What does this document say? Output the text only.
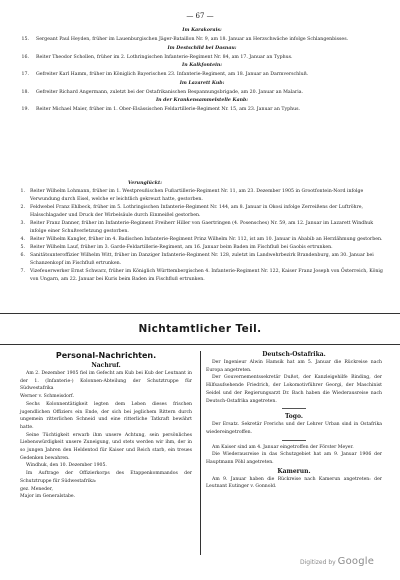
— 67 —
Im Karakorais:
15. Sergeant Paul Heyden, früher im Lauenburgischen Jäger-Bataillon Nr. 9, am 18. Januar an Herzschwäche infolge Schlangenbisses.
Im Destschild bei Dasnau:
16. Reiter Theodor Schollen, früher im 2. Lothringischen Infanterie-Regiment Nr. 84, am 17. Januar an Typhus.
In Kalkfontein:
17. Gefreiter Karl Hamm, früher im Königlich Bayerischen 23. Infanterie-Regiment, am 18. Januar an Darmverschluß.
Im Lazarett Kub:
18. Gefreiter Richard Angermann, zuletzt bei der Ostafrikanischen Bespannungsbrigade, am 20. Januar an Malaria.
In der Krankensammelstelle Kanb:
19. Reiter Michael Maier, früher im 1. Ober-Elsässischen Feldartillerie-Regiment Nr. 15, am 23. Januar an Typhus.
Verunglückt:
1. Reiter Wilhelm Lohmann, früher im 1. Westpreußischen Fußartillerie-Regiment Nr. 11, am 23. Dezember 1905 in Grootfontein-Nord infolge Verwundung durch Eisel, welche er leichtlich gekreuzt hatte, gestorben.
2. Feldwebel Franz Ehlbeck, früher im 5. Lothringischen Infanterie-Regiment Nr. 144, am 8. Januar in Okosi infolge Zerreißens der Luftröhre, Halsschlagader und Druck der Wirbelsäule durch Einmeißel gestorben.
3. Reiter Franz Danner, früher im Infanterie-Regiment Freiherr Hiller von Gaertringen (4. Posensches) Nr. 59, am 12. Januar im Lazarett Windhuk infolge einer Schußverletzung gestorben.
4. Reiter Wilhelm Kangler, früher im 4. Badischen Infanterie-Regiment Prinz Wilhelm Nr. 112, ist am 10. Januar in Ababib an Herzlähmung gestorben.
5. Reiter Wilhelm Lauf, früher im 3. Garde-Feldartillerie-Regiment, am 16. Januar beim Baden im Fischfluß bei Gaobis ertrunken.
6. Sanitätsunteroffizier Wilhelm Witt, früher im Danziger Infanterie-Regiment Nr. 128, zuletzt im Landwehrbezirk Brandenburg, am 30. Januar bei Schanzenkopf im Fischfluß ertrunken.
7. Vizefeuerwerker Ernst Schwarz, früher im Königlich Württembergischen 4. Infanterie-Regiment Nr. 122, Kaiser Franz Joseph von Österreich, König von Ungarn, am 22. Januar bei Kuris beim Baden im Fischfluß ertrunken.
Nichtamtlicher Teil.
Personal-Nachrichten.
Nachruf.

Am 2. Dezember 1905 fiel im Gefecht am Kub bei Kub der Leutnant in der 1. (Infanterie-) Kolonnen-Abteilung der Schutztruppe für Südwestafrika

Werner v. Schmeisdorf.

Sechs Kolonnentätigkeit legten dem Leben dieses frischen jugendlichen Offiziers ein Ende, der sich bei jeglichem Rittern durch ungemein ritterlichen Schneid und eine ritterliche Tatkraft bewährt hatte.

Seine Tüchtigkeit erwarb ihm unsere Achtung, sein persönliches Liebenswürdigkeit unsere Zuneigung, und stets werden wir ihm, der in so jungen Jahren den Heldentod für Kaiser und Reich starb, ein treues Gedenken bewahren.

Windhuk, den 10. Dezember 1905.

Im Auftrage der Offizierkorps des Etappenkommandos der Schutztruppe für Südwestafrika:

gez. Meneder,

Major im Generalstabe.

Deutsch-Ostafrika.

Der Ingenieur Alwin Hamsik hat am 5. Januar die Rückreise nach Europa angetreten.

Der Gouvernementssekretär Dußot, der Kanzleigehilfe Binding, der Hilfsaufsehende Friedrich, der Lokomotivführer Georgi, der Maschinist Seidel und der Regierungsarzt Dr. Bach haben die Wiederausreise nach Deutsch-Ostafrika angetreten.

Togo.

Der Ersatz. Sekretär Frerichs und der Lehrer Urban sind in Ostafrika wiedereingetroffen.

Am Kaiser sind am 4. Januar eingetroffen der Förster Meyer.

Die Wiederausreise in das Schutzgebiet hat am 9. Januar 1906 der Hauptmann Pöhl angetreten.

Kamerun.

Am 9. Januar haben die Rückreise nach Kamerun angetreten: der Leutnant Eutinger v. Gonnold.

Digitized by Google
